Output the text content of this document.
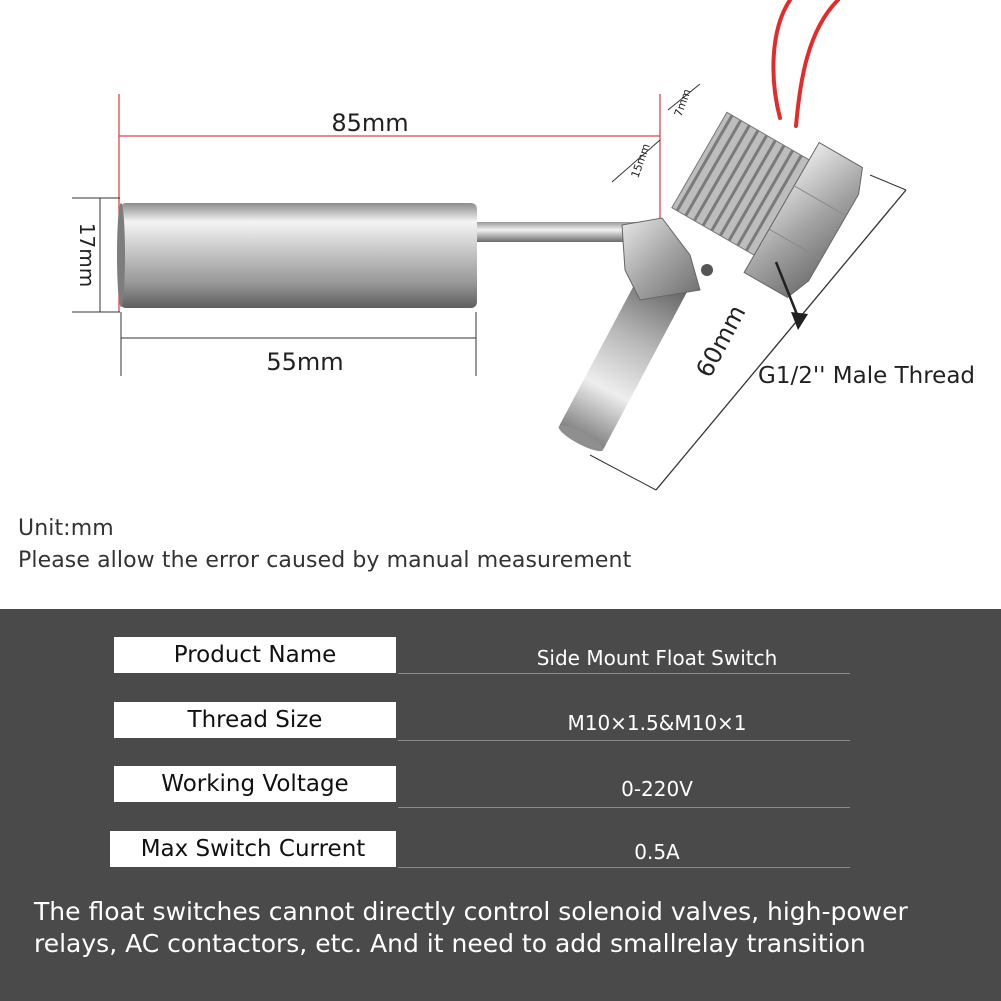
85mm
17mm
55mm
7mm
15mm
60mm G1/2'' Male Thread
Unit:mm
Please allow the error caused by manual measurement
Product Name	Side Mount Float Switch
Thread Size	M10×1.5&M10×1
Working Voltage	0-220V
Max Switch Current	0.5A
The float switches cannot directly control solenoid valves, high-power relays, AC contactors, etc. And it need to add smallrelay transition
